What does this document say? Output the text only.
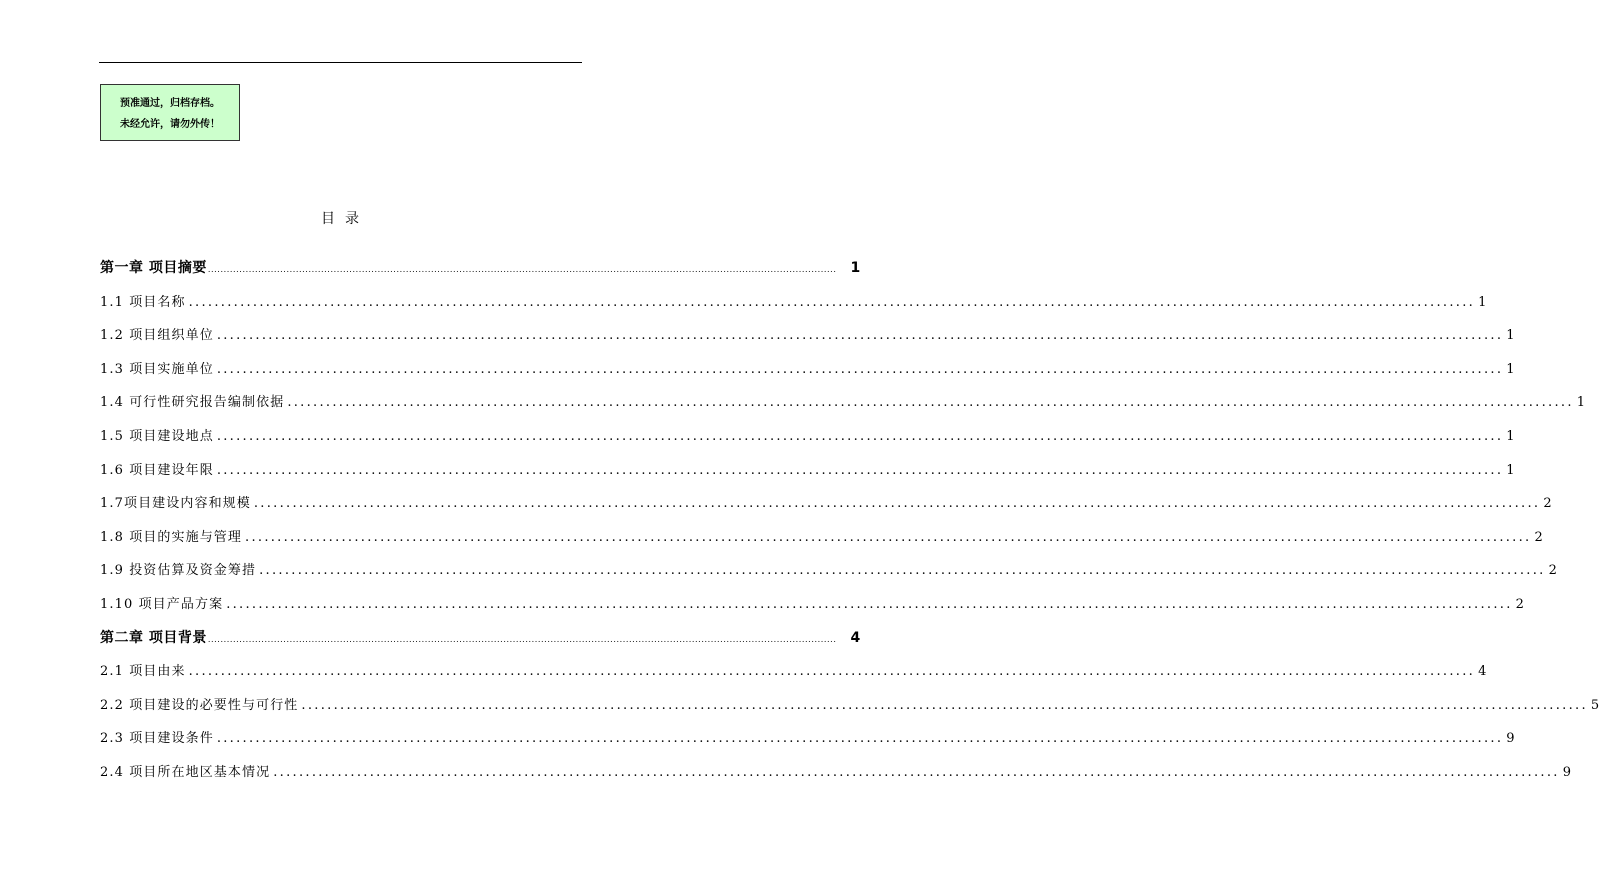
预准通过，归档存档。
未经允许，请勿外传！
目录
第一章 项目摘要 ........................................................................................................................................................................................................ 1
1.1 项目名称 ........................................................................................................................................................................................................ 1
1.2 项目组织单位 ........................................................................................................................................................................................................ 1
1.3 项目实施单位 ........................................................................................................................................................................................................ 1
1.4 可行性研究报告编制依据 ........................................................................................................................................................................................................ 1
1.5 项目建设地点 ........................................................................................................................................................................................................ 1
1.6 项目建设年限 ........................................................................................................................................................................................................ 1
1.7项目建设内容和规模 ........................................................................................................................................................................................................ 2
1.8 项目的实施与管理 ........................................................................................................................................................................................................ 2
1.9 投资估算及资金筹措 ........................................................................................................................................................................................................ 2
1.10 项目产品方案 ........................................................................................................................................................................................................ 2
第二章 项目背景 ........................................................................................................................................................................................................ 4
2.1 项目由来 ........................................................................................................................................................................................................ 4
2.2 项目建设的必要性与可行性 ........................................................................................................................................................................................................ 5
2.3 项目建设条件 ........................................................................................................................................................................................................ 9
2.4 项目所在地区基本情况 ........................................................................................................................................................................................................ 9
